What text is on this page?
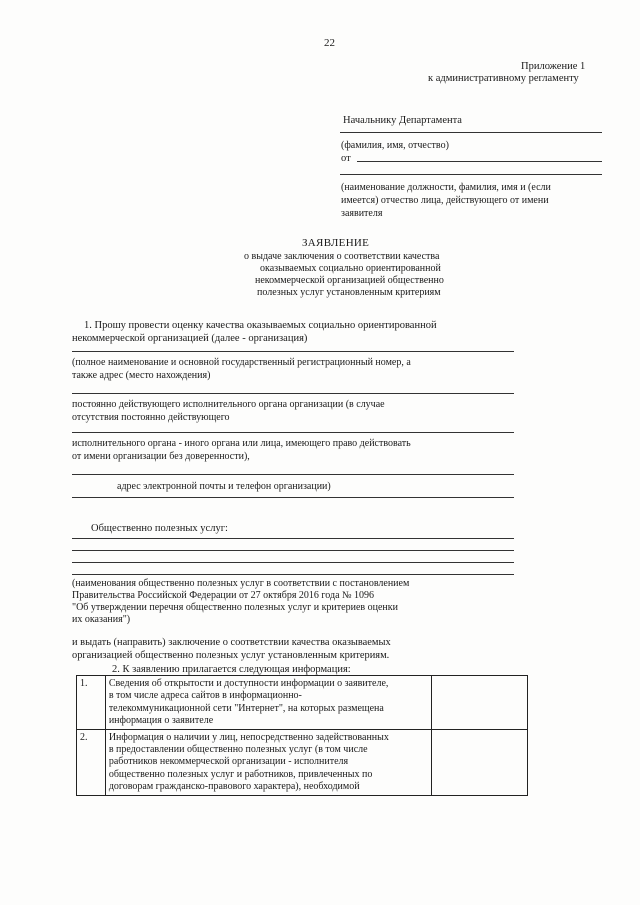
22
Приложение 1
к административному регламенту
Начальнику Департамента
(фамилия, имя, отчество)
от
(наименование должности, фамилия, имя и (если
имеется) отчество лица, действующего от имени
заявителя
ЗАЯВЛЕНИЕ
о выдаче заключения о соответствии качества
оказываемых социально ориентированной
некоммерческой организацией общественно
полезных услуг установленным критериям
1. Прошу провести оценку качества оказываемых социально ориентированной
некоммерческой организацией (далее - организация)
(полное наименование и основной государственный регистрационный номер, а
также адрес (место нахождения)
постоянно действующего исполнительного органа организации (в случае
отсутствия постоянно действующего
исполнительного органа - иного органа или лица, имеющего право действовать
от имени организации без доверенности),
адрес электронной почты и телефон организации)
Общественно полезных услуг:
(наименования общественно полезных услуг в соответствии с постановлением
Правительства Российской Федерации от 27 октября 2016 года № 1096
"Об утверждении перечня общественно полезных услуг и критериев оценки
их оказания")
и выдать (направить) заключение о соответствии качества оказываемых
организацией общественно полезных услуг установленным критериям.
2. К заявлению прилагается следующая информация:
1.	Сведения об открытости и доступности информации о заявителе,
в том числе адреса сайтов в информационно-
телекоммуникационной сети "Интернет", на которых размещена
информация о заявителе	

2.	Информация о наличии у лиц, непосредственно задействованных
в предоставлении общественно полезных услуг (в том числе
работников некоммерческой организации - исполнителя
общественно полезных услуг и работников, привлеченных по
договорам гражданско-правового характера), необходимой	
